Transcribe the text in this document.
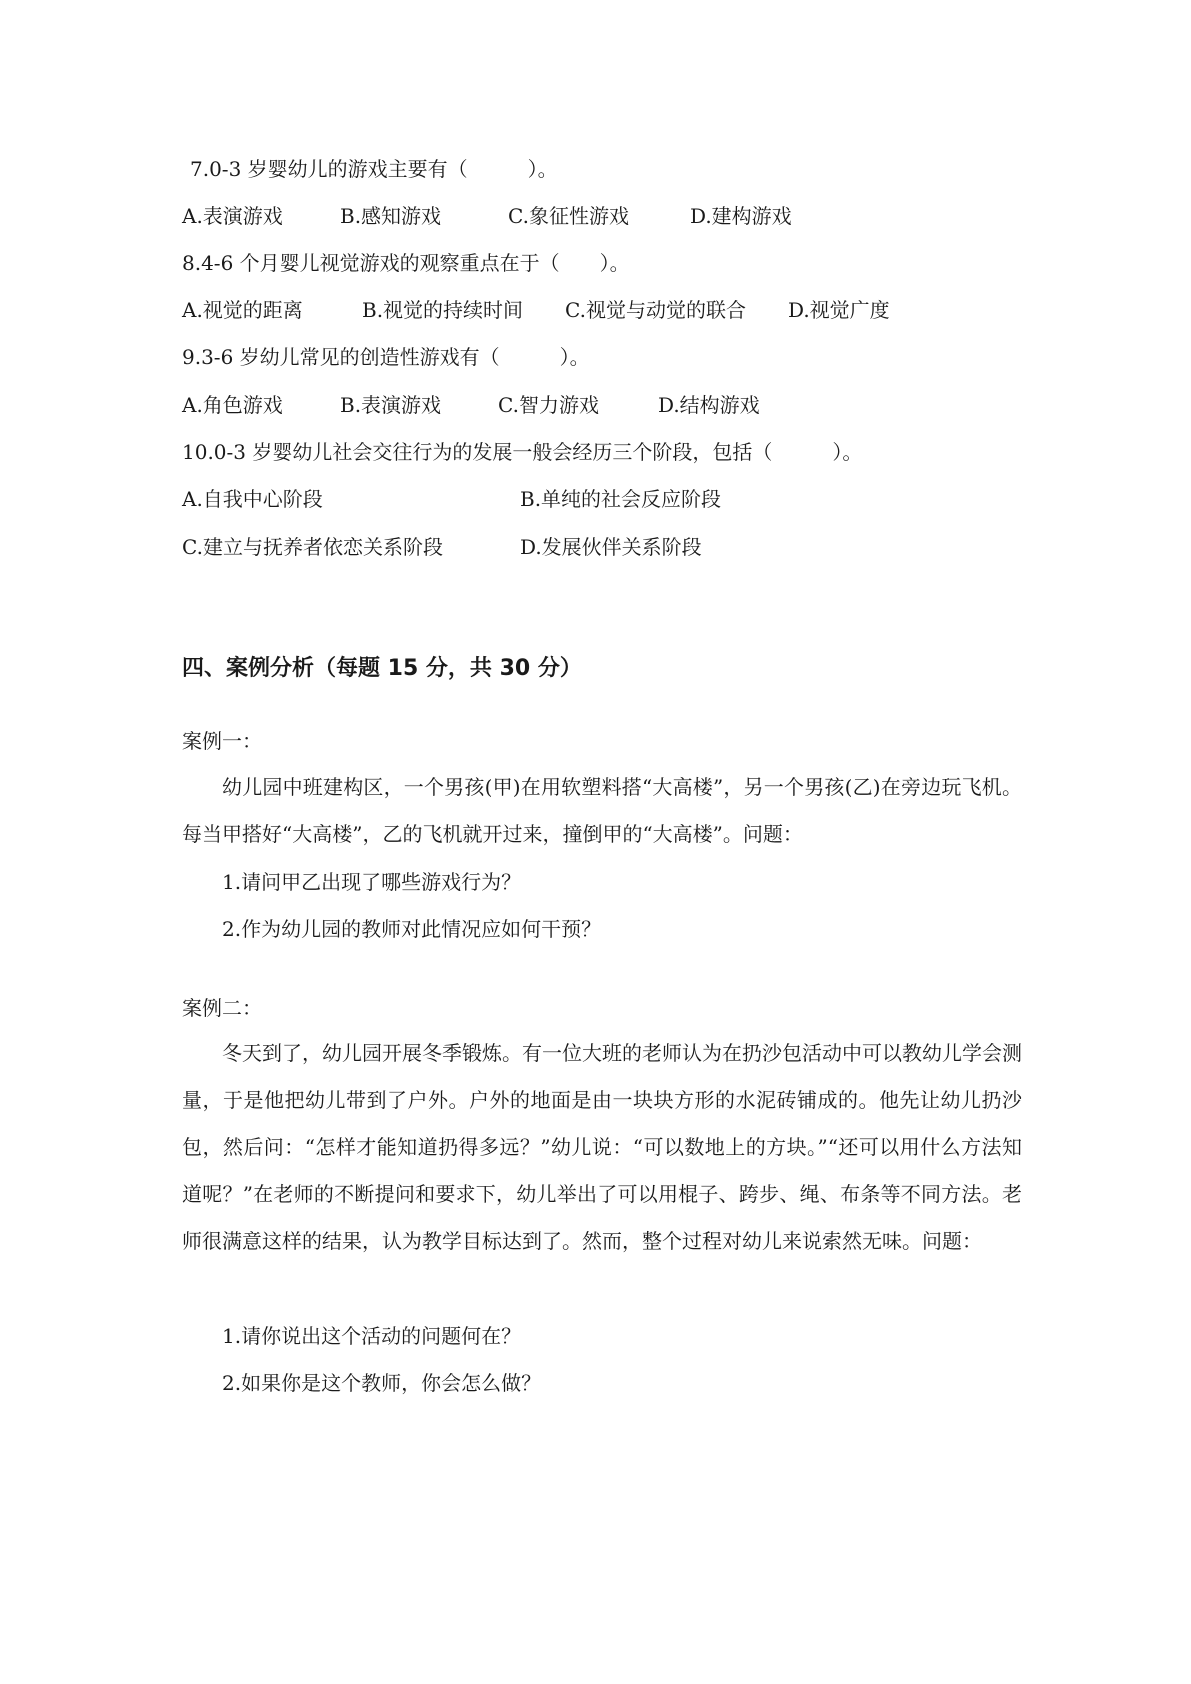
7.0-3 岁婴幼儿的游戏主要有（　　　）。
A.表演游戏	B.感知游戏	C.象征性游戏	D.建构游戏
8.4-6 个月婴儿视觉游戏的观察重点在于（　　）。
A.视觉的距离	B.视觉的持续时间 C.视觉与动觉的联合 D.视觉广度
9.3-6 岁幼儿常见的创造性游戏有（　　　）。
A.角色游戏	B.表演游戏	C.智力游戏	D.结构游戏
10.0-3 岁婴幼儿社会交往行为的发展一般会经历三个阶段，包括（　　　）。
A.自我中心阶段	B.单纯的社会反应阶段
C.建立与抚养者依恋关系阶段	D.发展伙伴关系阶段
四、案例分析（每题 15 分，共 30 分）
案例一：

幼儿园中班建构区，一个男孩(甲)在用软塑料搭“大高楼”，另一个男孩(乙)在旁边玩飞机。每当甲搭好“大高楼”，乙的飞机就开过来，撞倒甲的“大高楼”。问题：

1.请问甲乙出现了哪些游戏行为？
2.作为幼儿园的教师对此情况应如何干预？
案例二：

冬天到了，幼儿园开展冬季锻炼。有一位大班的老师认为在扔沙包活动中可以教幼儿学会测量，于是他把幼儿带到了户外。户外的地面是由一块块方形的水泥砖铺成的。他先让幼儿扔沙包，然后问：“怎样才能知道扔得多远？”幼儿说：“可以数地上的方块。”“还可以用什么方法知道呢？”在老师的不断提问和要求下，幼儿举出了可以用棍子、跨步、绳、布条等不同方法。老师很满意这样的结果，认为教学目标达到了。然而，整个过程对幼儿来说索然无味。问题：

1.请你说出这个活动的问题何在？
2.如果你是这个教师，你会怎么做？
